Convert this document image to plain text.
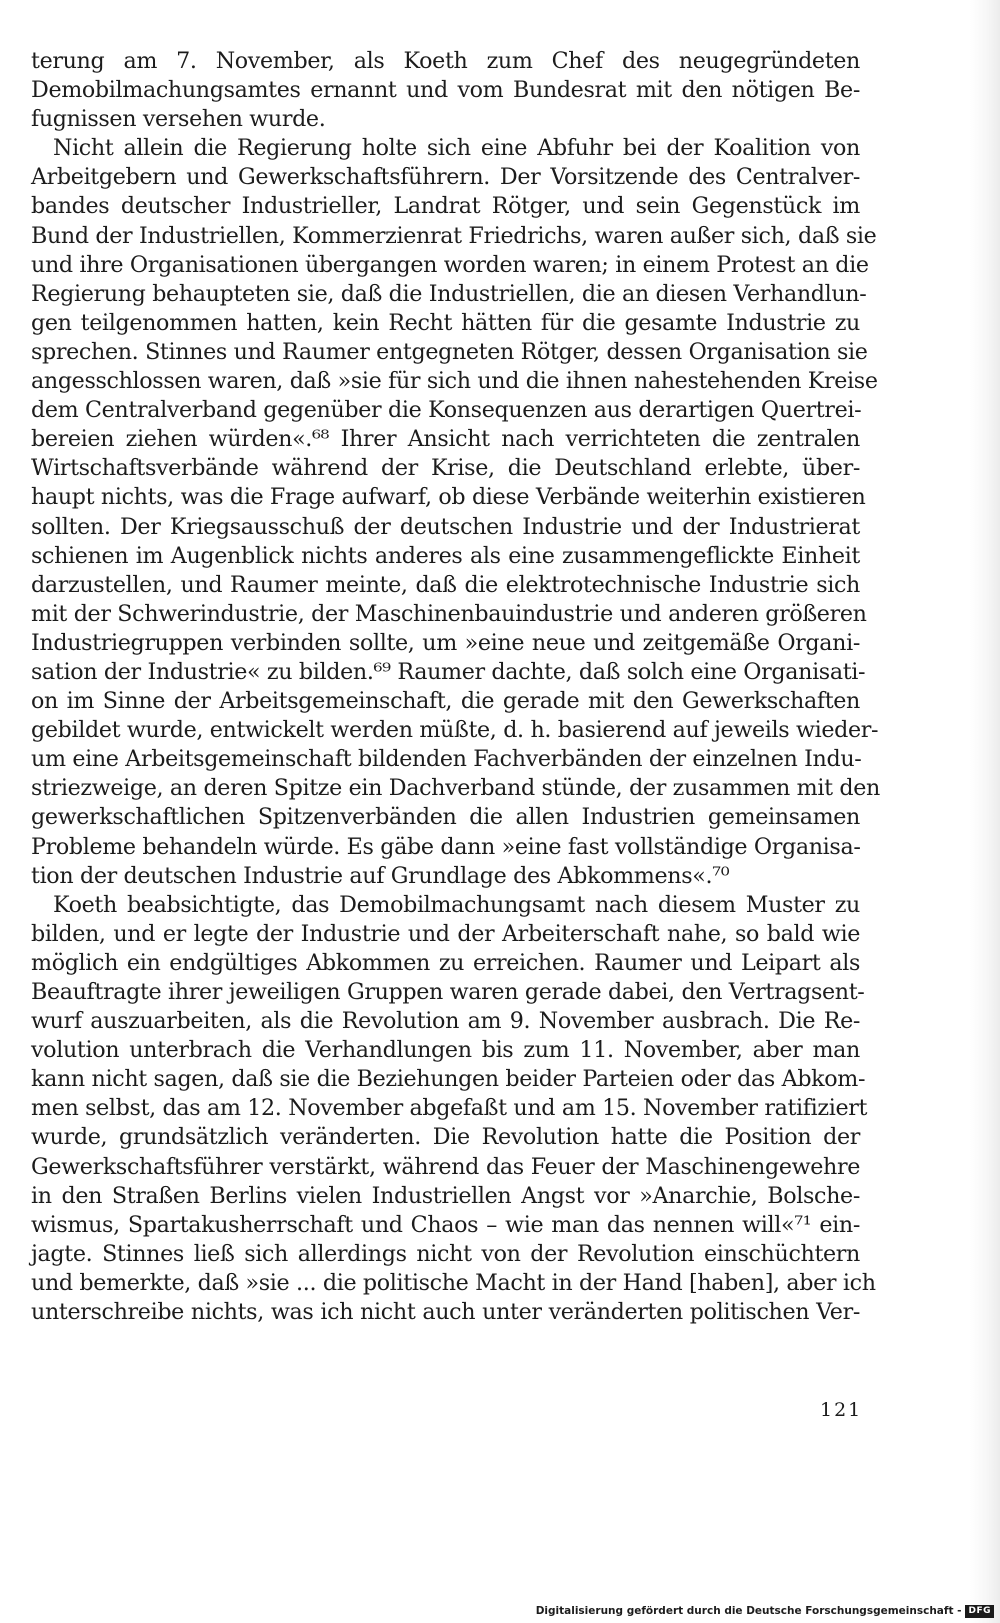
terung am 7. November, als Koeth zum Chef des neugegründeten
Demobilmachungsamtes ernannt und vom Bundesrat mit den nötigen Be-
fugnissen versehen wurde.
Nicht allein die Regierung holte sich eine Abfuhr bei der Koalition von
Arbeitgebern und Gewerkschaftsführern. Der Vorsitzende des Centralver-
bandes deutscher Industrieller, Landrat Rötger, und sein Gegenstück im
Bund der Industriellen, Kommerzienrat Friedrichs, waren außer sich, daß sie
und ihre Organisationen übergangen worden waren; in einem Protest an die
Regierung behaupteten sie, daß die Industriellen, die an diesen Verhandlun-
gen teilgenommen hatten, kein Recht hätten für die gesamte Industrie zu
sprechen. Stinnes und Raumer entgegneten Rötger, dessen Organisation sie
angesschlossen waren, daß »sie für sich und die ihnen nahestehenden Kreise
dem Centralverband gegenüber die Konsequenzen aus derartigen Quertrei-
bereien ziehen würden«.⁶⁸ Ihrer Ansicht nach verrichteten die zentralen
Wirtschaftsverbände während der Krise, die Deutschland erlebte, über-
haupt nichts, was die Frage aufwarf, ob diese Verbände weiterhin existieren
sollten. Der Kriegsausschuß der deutschen Industrie und der Industrierat
schienen im Augenblick nichts anderes als eine zusammengeflickte Einheit
darzustellen, und Raumer meinte, daß die elektrotechnische Industrie sich
mit der Schwerindustrie, der Maschinenbauindustrie und anderen größeren
Industriegruppen verbinden sollte, um »eine neue und zeitgemäße Organi-
sation der Industrie« zu bilden.⁶⁹ Raumer dachte, daß solch eine Organisati-
on im Sinne der Arbeitsgemeinschaft, die gerade mit den Gewerkschaften
gebildet wurde, entwickelt werden müßte, d. h. basierend auf jeweils wieder-
um eine Arbeitsgemeinschaft bildenden Fachverbänden der einzelnen Indu-
striezweige, an deren Spitze ein Dachverband stünde, der zusammen mit den
gewerkschaftlichen Spitzenverbänden die allen Industrien gemeinsamen
Probleme behandeln würde. Es gäbe dann »eine fast vollständige Organisa-
tion der deutschen Industrie auf Grundlage des Abkommens«.⁷⁰
Koeth beabsichtigte, das Demobilmachungsamt nach diesem Muster zu
bilden, und er legte der Industrie und der Arbeiterschaft nahe, so bald wie
möglich ein endgültiges Abkommen zu erreichen. Raumer und Leipart als
Beauftragte ihrer jeweiligen Gruppen waren gerade dabei, den Vertragsent-
wurf auszuarbeiten, als die Revolution am 9. November ausbrach. Die Re-
volution unterbrach die Verhandlungen bis zum 11. November, aber man
kann nicht sagen, daß sie die Beziehungen beider Parteien oder das Abkom-
men selbst, das am 12. November abgefaßt und am 15. November ratifiziert
wurde, grundsätzlich veränderten. Die Revolution hatte die Position der
Gewerkschaftsführer verstärkt, während das Feuer der Maschinengewehre
in den Straßen Berlins vielen Industriellen Angst vor »Anarchie, Bolsche-
wismus, Spartakusherrschaft und Chaos – wie man das nennen will«⁷¹ ein-
jagte. Stinnes ließ sich allerdings nicht von der Revolution einschüchtern
und bemerkte, daß »sie ... die politische Macht in der Hand [haben], aber ich
unterschreibe nichts, was ich nicht auch unter veränderten politischen Ver-
121
Digitalisierung gefördert durch die Deutsche Forschungsgemeinschaft - DFG
